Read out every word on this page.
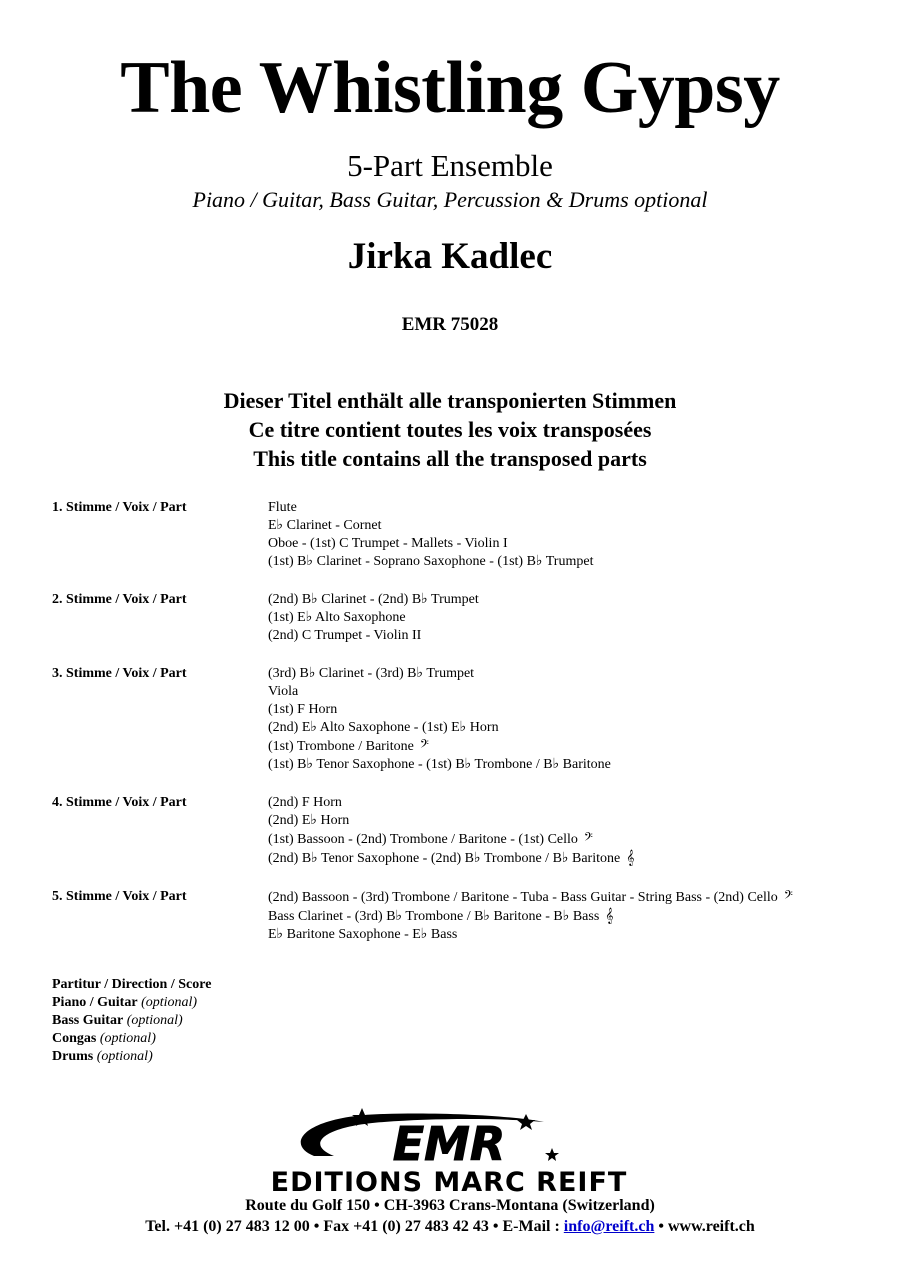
The Whistling Gypsy
5-Part Ensemble
Piano / Guitar, Bass Guitar, Percussion & Drums optional
Jirka Kadlec
EMR 75028
Dieser Titel enthält alle transponierten Stimmen
Ce titre contient toutes les voix transposées
This title contains all the transposed parts
1. Stimme / Voix / Part	Flute
E♭ Clarinet - Cornet
Oboe - (1st) C Trumpet - Mallets - Violin I
(1st) B♭ Clarinet - Soprano Saxophone - (1st) B♭ Trumpet
2. Stimme / Voix / Part	(2nd) B♭ Clarinet - (2nd) B♭ Trumpet
(1st) E♭ Alto Saxophone
(2nd) C Trumpet - Violin II
3. Stimme / Voix / Part	(3rd) B♭ Clarinet - (3rd) B♭ Trumpet
Viola
(1st) F Horn
(2nd) E♭ Alto Saxophone - (1st) E♭ Horn
(1st) Trombone / Baritone 𝄢
(1st) B♭ Tenor Saxophone - (1st) B♭ Trombone / B♭ Baritone
4. Stimme / Voix / Part	(2nd) F Horn
(2nd) E♭ Horn
(1st) Bassoon - (2nd) Trombone / Baritone - (1st) Cello 𝄢
(2nd) B♭ Tenor Saxophone - (2nd) B♭ Trombone / B♭ Baritone 𝄞
5. Stimme / Voix / Part	(2nd) Bassoon - (3rd) Trombone / Baritone - Tuba - Bass Guitar - String Bass - (2nd) Cello 𝄢
Bass Clarinet - (3rd) B♭ Trombone / B♭ Baritone - B♭ Bass 𝄞
E♭ Baritone Saxophone - E♭ Bass
Partitur / Direction / Score
Piano / Guitar (optional)
Bass Guitar (optional)
Congas (optional)
Drums (optional)
EMR
EDITIONS MARC REIFT
Route du Golf 150 • CH-3963 Crans-Montana (Switzerland)
Tel. +41 (0) 27 483 12 00 • Fax +41 (0) 27 483 42 43 • E-Mail : info@reift.ch • www.reift.ch
